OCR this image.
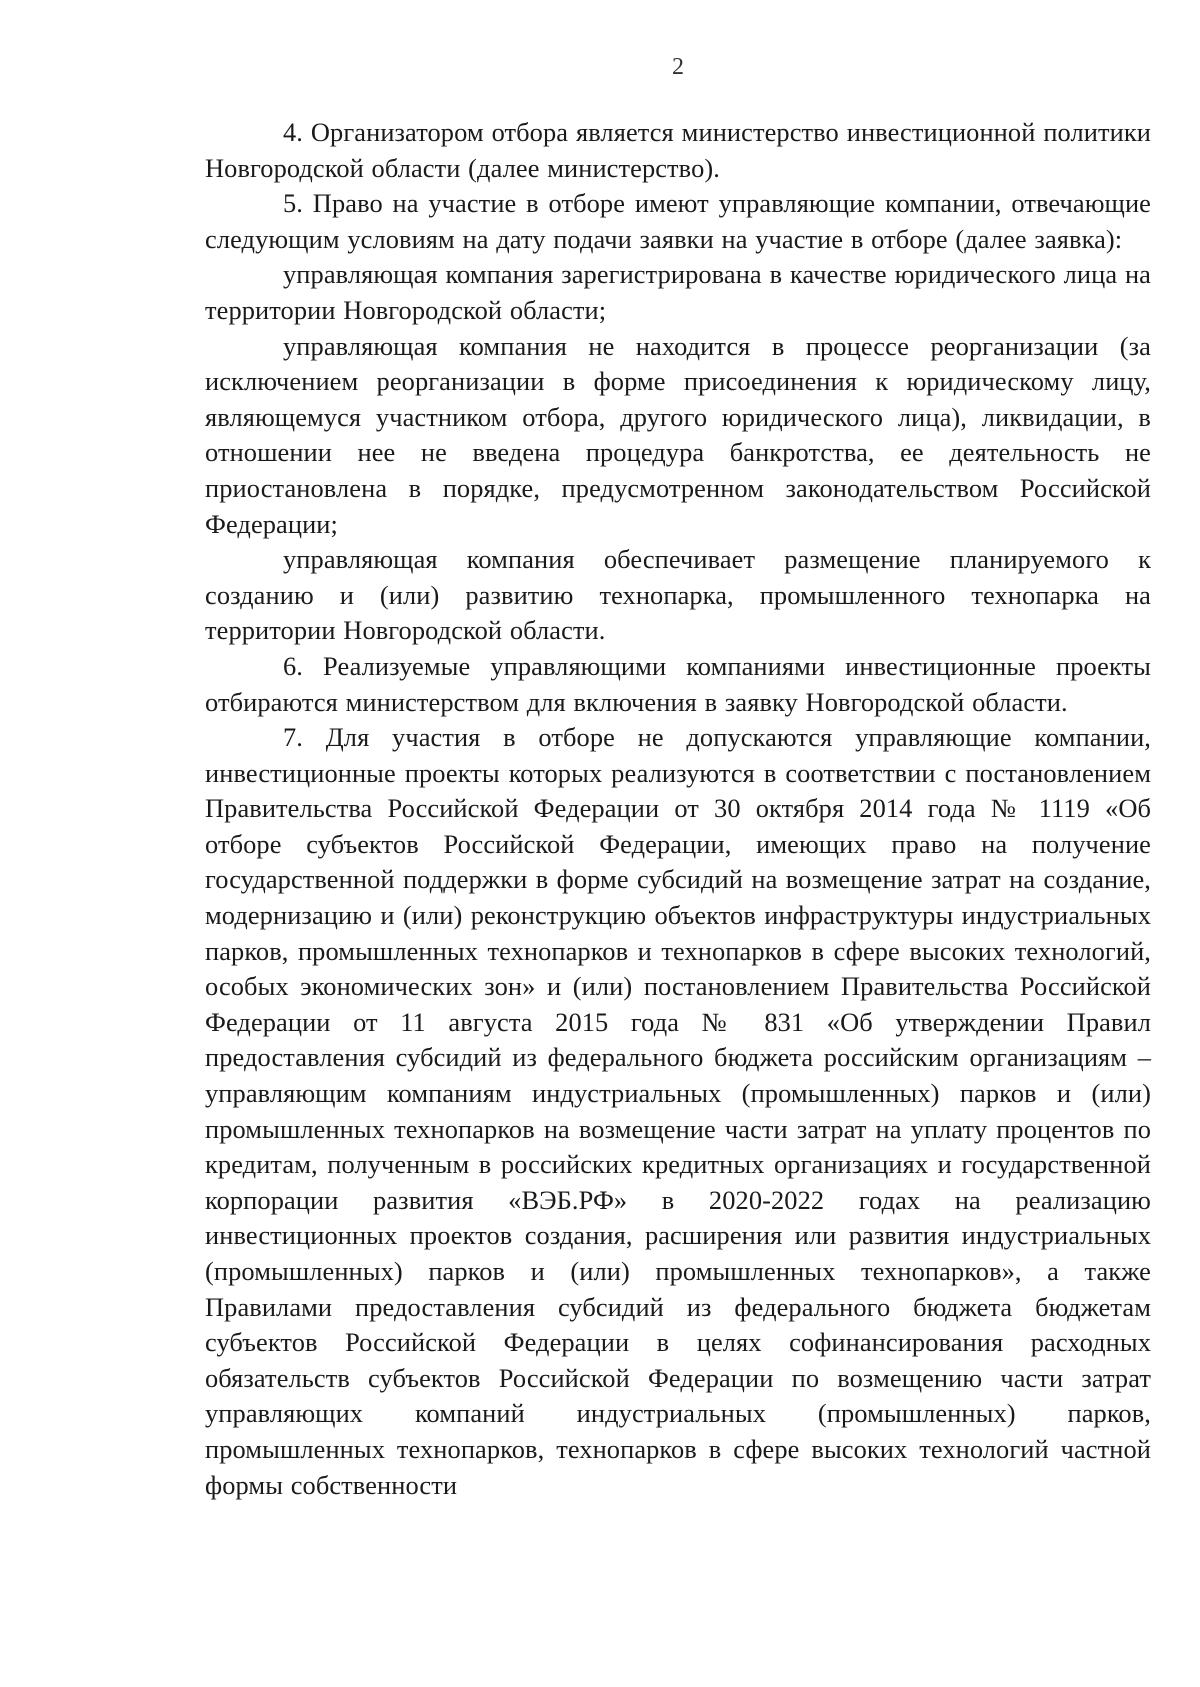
2

4. Организатором отбора является министерство инвестиционной политики Новгородской области (далее министерство).

5. Право на участие в отборе имеют управляющие компании, отвечающие следующим условиям на дату подачи заявки на участие в отборе (далее заявка):

управляющая компания зарегистрирована в качестве юридического лица на территории Новгородской области;

управляющая компания не находится в процессе реорганизации (за исключением реорганизации в форме присоединения к юридическому лицу, являющемуся участником отбора, другого юридического лица), ликвидации, в отношении нее не введена процедура банкротства, ее деятельность не приостановлена в порядке, предусмотренном законодательством Российской Федерации;

управляющая компания обеспечивает размещение планируемого к созданию и (или) развитию технопарка, промышленного технопарка на территории Новгородской области.

6. Реализуемые управляющими компаниями инвестиционные проекты отбираются министерством для включения в заявку Новгородской области.

7. Для участия в отборе не допускаются управляющие компании, инвестиционные проекты которых реализуются в соответствии с постановлением Правительства Российской Федерации от 30 октября 2014 года № 1119 «Об отборе субъектов Российской Федерации, имеющих право на получение государственной поддержки в форме субсидий на возмещение затрат на создание, модернизацию и (или) реконструкцию объектов инфраструктуры индустриальных парков, промышленных технопарков и технопарков в сфере высоких технологий, особых экономических зон» и (или) постановлением Правительства Российской Федерации от 11 августа 2015 года № 831 «Об утверждении Правил предоставления субсидий из федерального бюджета российским организациям – управляющим компаниям индустриальных (промышленных) парков и (или) промышленных технопарков на возмещение части затрат на уплату процентов по кредитам, полученным в российских кредитных организациях и государственной корпорации развития «ВЭБ.РФ» в 2020-2022 годах на реализацию инвестиционных проектов создания, расширения или развития индустриальных (промышленных) парков и (или) промышленных технопарков», а также Правилами предоставления субсидий из федерального бюджета бюджетам субъектов Российской Федерации в целях софинансирования расходных обязательств субъектов Российской Федерации по возмещению части затрат управляющих компаний индустриальных (промышленных) парков, промышленных технопарков, технопарков в сфере высоких технологий частной формы собственности
